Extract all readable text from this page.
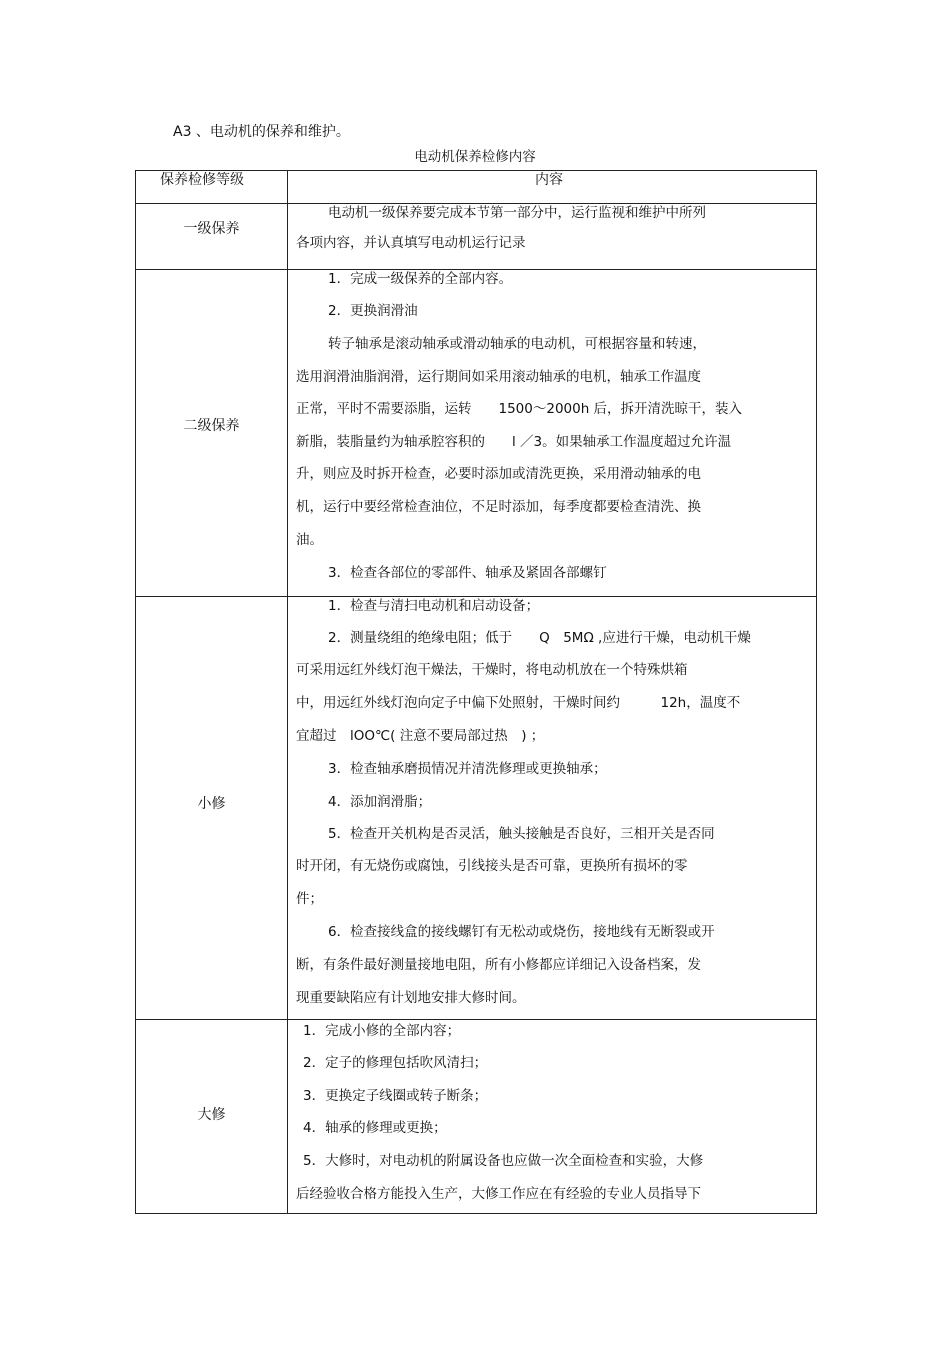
A3 、电动机的保养和维护。
电动机保养检修内容
保养检修等级	内容
一级保养
二级保养
小修
大修
电动机一级保养要完成本节第一部分中，运行监视和维护中所列
各项内容，并认真填写电动机运行记录
1．完成一级保养的全部内容。
2．更换润滑油
转子轴承是滚动轴承或滑动轴承的电动机，可根据容量和转速，
选用润滑油脂润滑，运行期间如采用滚动轴承的电机，轴承工作温度
正常，平时不需要添脂，运转　　1500～2000h 后，拆开清洗晾干，装入
新脂，装脂量约为轴承腔容积的　　l ／3。如果轴承工作温度超过允许温
升，则应及时拆开检查，必要时添加或清洗更换，采用滑动轴承的电
机，运行中要经常检查油位，不足时添加，每季度都要检查清洗、换
油。
3．检查各部位的零部件、轴承及紧固各部螺钉
1．检查与清扫电动机和启动设备；
2．测量绕组的绝缘电阻；低于　　Q　5MΩ ,应进行干燥，电动机干燥
可采用远红外线灯泡干燥法，干燥时，将电动机放在一个特殊烘箱
中，用远红外线灯泡向定子中偏下处照射，干燥时间约　　　12h，温度不
宜超过　lOO℃( 注意不要局部过热　) ；
3．检查轴承磨损情况并清洗修理或更换轴承；
4．添加润滑脂；
5．检查开关机构是否灵活，触头接触是否良好，三相开关是否同
时开闭，有无烧伤或腐蚀，引线接头是否可靠，更换所有损坏的零
件；
6．检查接线盒的接线螺钉有无松动或烧伤，接地线有无断裂或开
断，有条件最好测量接地电阻，所有小修都应详细记入设备档案，发
现重要缺陷应有计划地安排大修时间。
1．完成小修的全部内容；
2．定子的修理包括吹风清扫；
3．更换定子线圈或转子断条；
4．轴承的修理或更换；
5．大修时，对电动机的附属设备也应做一次全面检查和实验，大修
后经验收合格方能投入生产，大修工作应在有经验的专业人员指导下
